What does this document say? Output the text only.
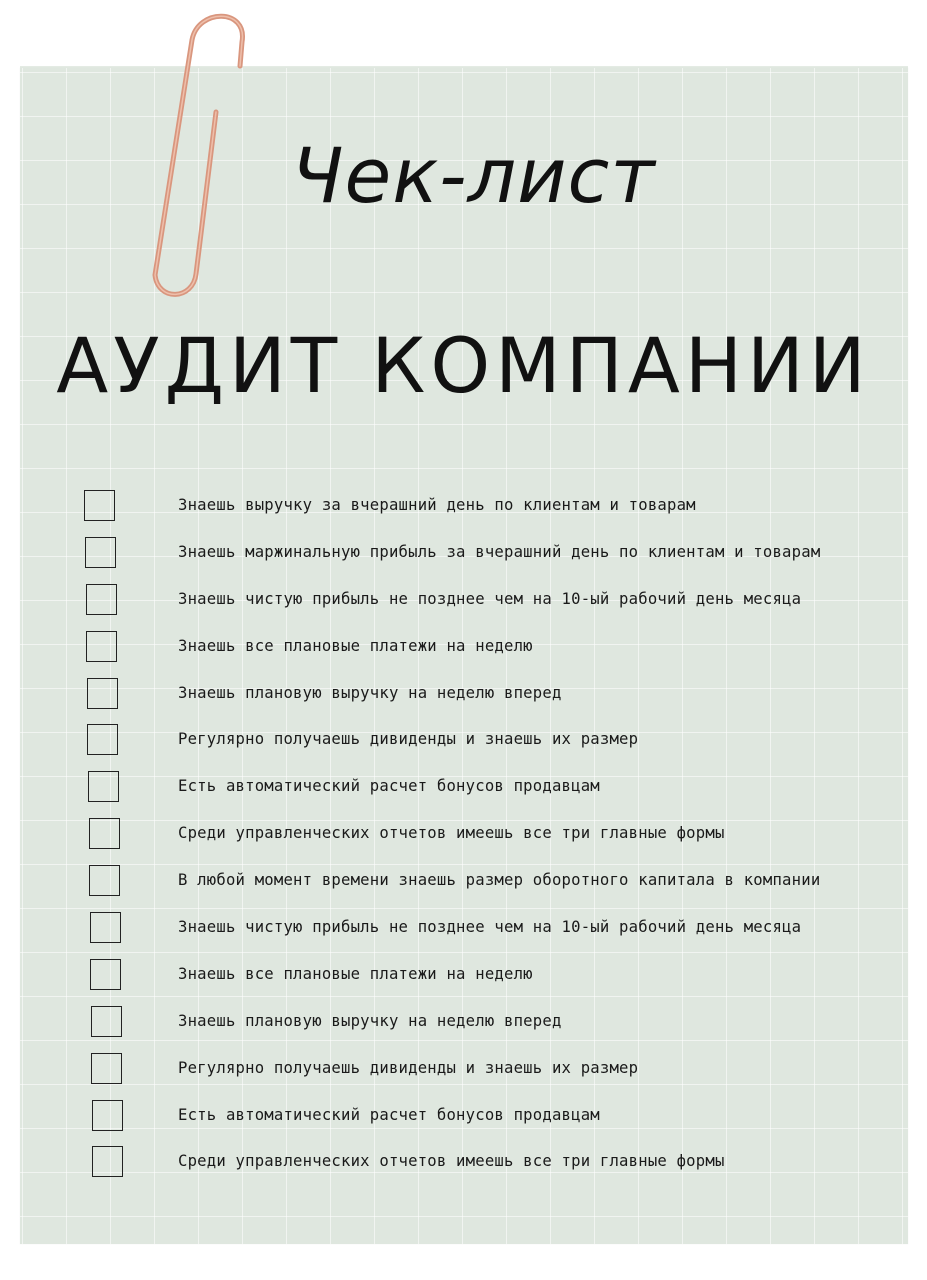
Чек-лист
АУДИТ КОМПАНИИ
Знаешь выручку за вчерашний день по клиентам и товарам
Знаешь маржинальную прибыль за вчерашний день по клиентам и товарам
Знаешь чистую прибыль не позднее чем на 10-ый рабочий день месяца
Знаешь все плановые платежи на неделю
Знаешь плановую выручку на неделю вперед
Регулярно получаешь дивиденды и знаешь их размер
Есть автоматический расчет бонусов продавцам
Среди управленческих отчетов имеешь все три главные формы
В любой момент времени знаешь размер оборотного капитала в компании
Знаешь чистую прибыль не позднее чем на 10-ый рабочий день месяца
Знаешь все плановые платежи на неделю
Знаешь плановую выручку на неделю вперед
Регулярно получаешь дивиденды и знаешь их размер
Есть автоматический расчет бонусов продавцам
Среди управленческих отчетов имеешь все три главные формы
